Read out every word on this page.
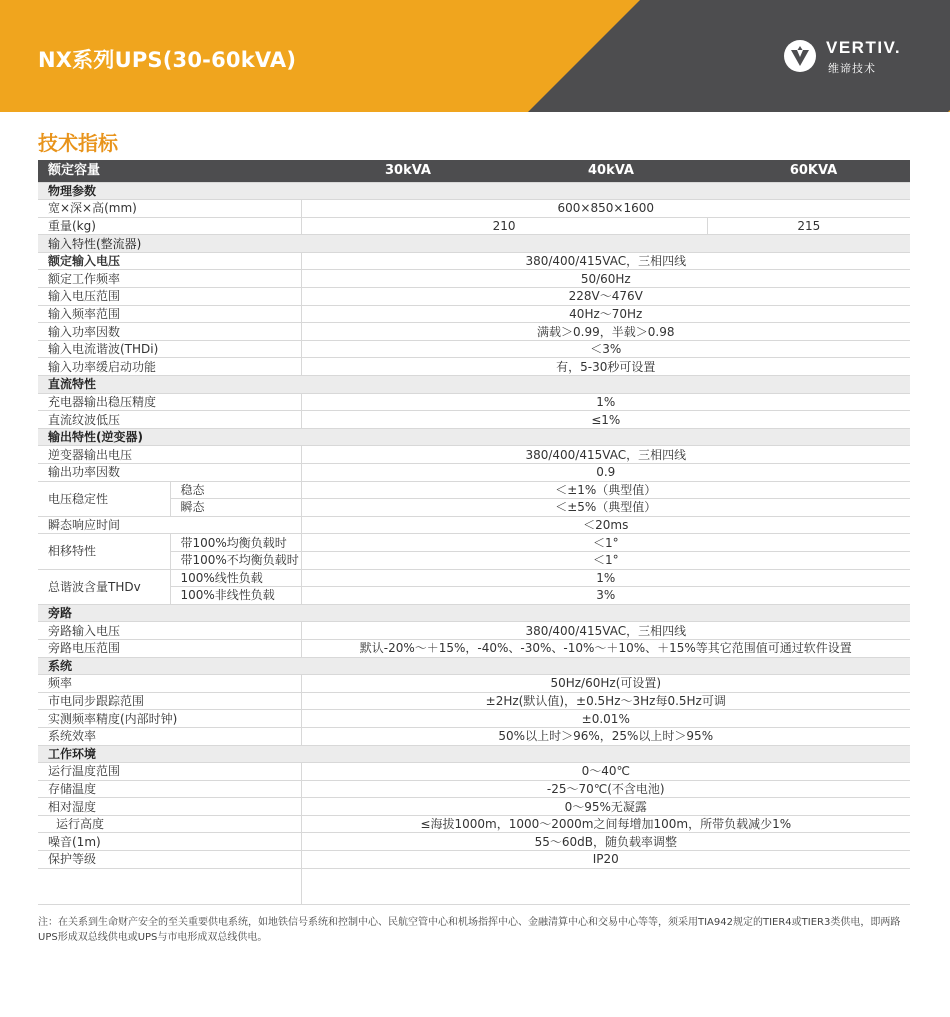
NX系列UPS(30-60kVA)
VERTIV.
维谛技术
技术指标
额定容量		30kVA	40kVA	60KVA
物理参数				
宽×深×高(mm)		600×850×1600		
重量(kg)		210		215
输入特性(整流器)				
额定输入电压		380/400/415VAC，三相四线		
额定工作频率		50/60Hz		
输入电压范围		228V～476V		
输入频率范围		40Hz～70Hz		
输入功率因数		满载＞0.99，半载＞0.98		
输入电流谐波(THDi)		＜3%		
输入功率缓启动功能		有，5-30秒可设置		
直流特性				
充电器输出稳压精度		1%		
直流纹波低压		≤1%		
输出特性(逆变器)				
逆变器输出电压		380/400/415VAC，三相四线		
输出功率因数		0.9		
电压稳定性	稳态	＜±1%（典型值）		
	瞬态	＜±5%（典型值）		
瞬态响应时间		＜20ms		
相移特性	带100%均衡负载时	＜1°		
	带100%不均衡负载时	＜1°		
总谐波含量THDv	100%线性负载	1%		
	100%非线性负载	3%		
旁路				
旁路输入电压		380/400/415VAC，三相四线		
旁路电压范围		默认-20%～＋15%，-40%、-30%、-10%～＋10%、＋15%等其它范围值可通过软件设置		
系统				
频率		50Hz/60Hz(可设置)		
市电同步跟踪范围		±2Hz(默认值)，±0.5Hz～3Hz每0.5Hz可调		
实测频率精度(内部时钟)		±0.01%		
系统效率		50%以上时＞96%，25%以上时＞95%		
工作环境				
运行温度范围		0～40℃		
存储温度		-25～70℃(不含电池)		
相对湿度		0～95%无凝露		
运行高度		≤海拔1000m，1000～2000m之间每增加100m，所带负载减少1%		
噪音(1m)		55～60dB，随负载率调整		
保护等级		IP20		

注：在关系到生命财产安全的至关重要供电系统，如地铁信号系统和控制中心、民航空管中心和机场指挥中心、金融清算中心和交易中心等等，须采用TIA942规定的TIER4或TIER3类供电，即两路UPS形成双总线供电或UPS与市电形成双总线供电。
